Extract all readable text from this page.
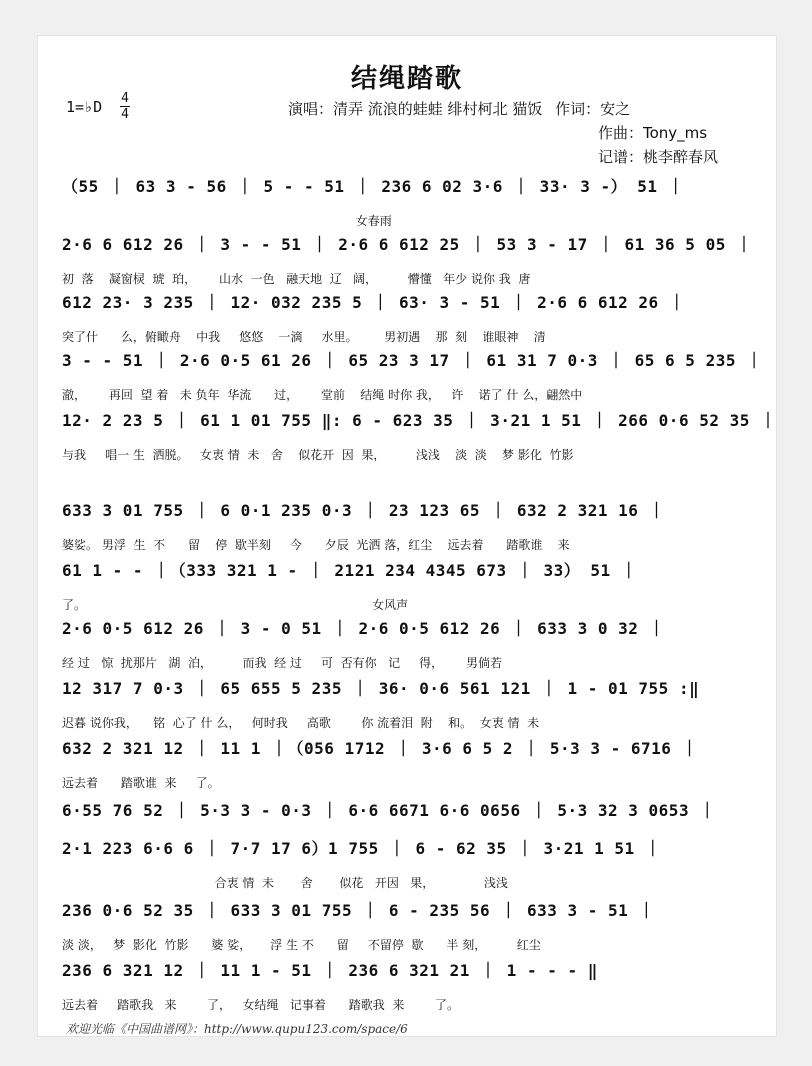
结绳踏歌
1=♭D 4
4	演唱：清弄 流浪的蛙蛙 绯村柯北 猫饭 作词：安之
作曲：Tony_ms
记谱：桃李醉春风
（55 ｜ 63 3 - 56 ｜ 5 - - 51 ｜ 236 6 02 3·6 ｜ 33· 3 -） 51 ｜
女春雨
2·6 6 612 26 ｜ 3 - - 51 ｜ 2·6 6 612 25 ｜ 53 3 - 17 ｜ 61 36 5 05 ｜
初  落    凝窗棂  琥  珀，      山水  一色   融天地  辽   阔，        懵懂   年少 说你 我  唐
612 23· 3 235 ｜ 12· 032 235 5 ｜ 63· 3 - 51 ｜ 2·6 6 612 26 ｜
突了什      么，俯瞰舟    中我     悠悠    一滴     水里。       男初遇    那  刻    谁眼神    清
3 - - 51 ｜ 2·6 0·5 61 26 ｜ 65 23 3 17 ｜ 61 31 7 0·3 ｜ 65 6 5 235 ｜
澈，      再回  望 着   未 负年  华流      过，      堂前    结绳 时你 我，   许    诺了 什 么，翩然中
12· 2 23 5 ｜ 61 1 01 755 ‖: 6 - 623 35 ｜ 3·21 1 51 ｜ 266 0·6 52 35 ｜
与我     唱一 生  洒脱。   女衷 情  未   舍    似花开  因  果，        浅浅    淡  淡    梦 影化  竹影
633 3 01 755 ｜ 6 0·1 235 0·3 ｜ 23 123 65 ｜ 632 2 321 16 ｜
婆娑。 男浮  生  不      留    停  歇半刻     今      夕辰  光洒 落，红尘    远去着      踏歌谁    来
61 1 - - ｜（333 321 1 - ｜ 2121 234 4345 673 ｜ 33） 51 ｜
了。                                                                           女风声
2·6 0·5 612 26 ｜ 3 - 0 51 ｜ 2·6 0·5 612 26 ｜ 633 3 0 32 ｜
经 过   惊  扰那片   湖  泊，        而我  经 过     可  否有你   记     得，      男倘若
12 317 7 0·3 ｜ 65 655 5 235 ｜ 36· 0·6 561 121 ｜ 1 - 01 755 :‖
迟暮 说你我，    铭  心了 什 么，   何时我     高歌        你 流着泪  附    和。  女衷 情  未
632 2 321 12 ｜ 11 1 ｜（056 1712 ｜ 3·6 6 5 2 ｜ 5·3 3 - 6716 ｜
远去着      踏歌谁  来     了。
6·55 76 52 ｜ 5·3 3 - 0·3 ｜ 6·6 6671 6·6 0656 ｜ 5·3 32 3 0653 ｜
2·1 223 6·6 6 ｜ 7·7 17 6）1 755 ｜ 6 - 62 35 ｜ 3·21 1 51 ｜
合衷 情  未       舍       似花   开因   果，             浅浅
236 0·6 52 35 ｜ 633 3 01 755 ｜ 6 - 235 56 ｜ 633 3 - 51 ｜
淡 淡，   梦  影化  竹影      婆 娑，     浮 生 不      留     不留停  歇      半 刻，        红尘
236 6 321 12 ｜ 11 1 - 51 ｜ 236 6 321 21 ｜ 1 - - - ‖
远去着     踏歌我   来        了，   女结绳   记事着      踏歌我  来        了。
欢迎光临《中国曲谱网》：http://www.qupu123.com/space/6
